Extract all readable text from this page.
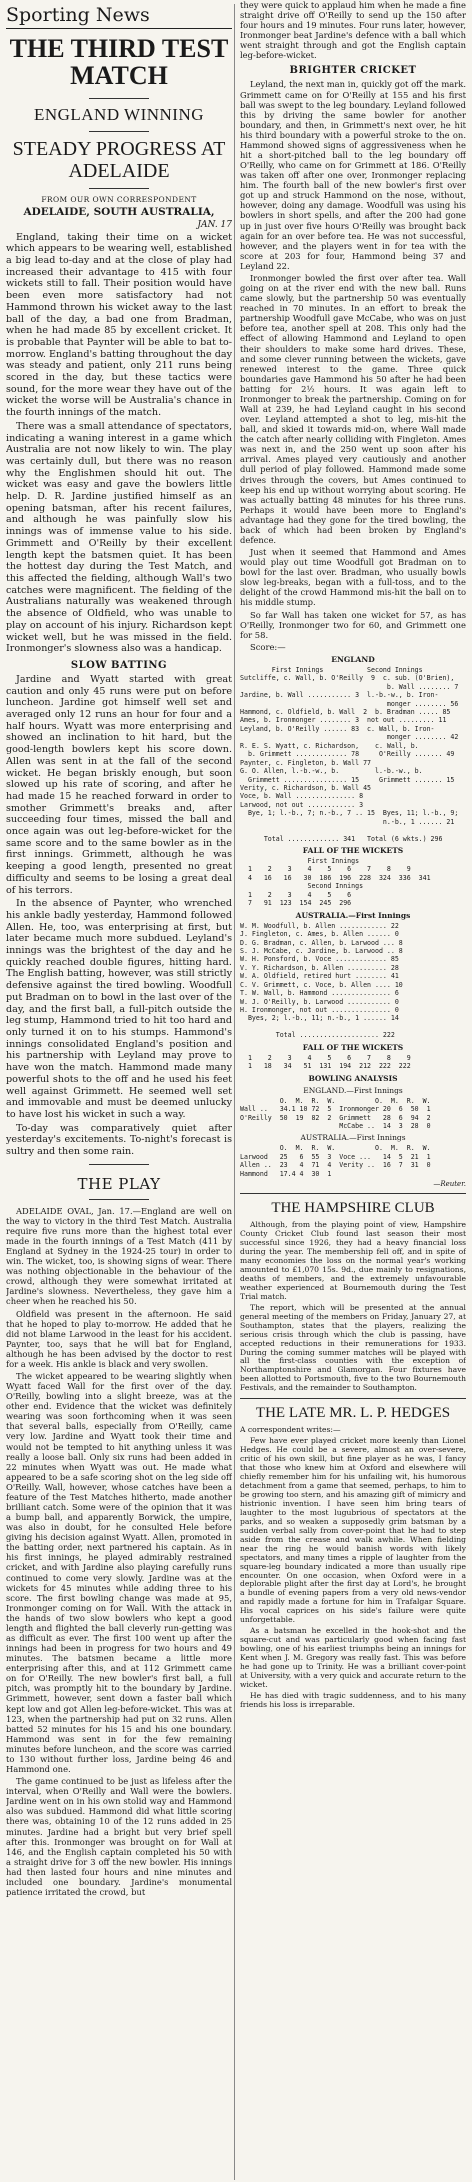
Sporting News
THE THIRD TEST MATCH
ENGLAND WINNING
STEADY PROGRESS AT ADELAIDE
FROM OUR OWN CORRESPONDENT
ADELAIDE, SOUTH AUSTRALIA,
JAN. 17
England, taking their time on a wicket which appears to be wearing well, established a big lead to-day and at the close of play had increased their advantage to 415 with four wickets still to fall. Their position would have been even more satisfactory had not Hammond thrown his wicket away to the last ball of the day, a bad one from Bradman, when he had made 85 by excellent cricket. It is probable that Paynter will be able to bat to-morrow. England's batting throughout the day was steady and patient, only 211 runs being scored in the day, but these tactics were sound, for the more wear they have out of the wicket the worse will be Australia's chance in the fourth innings of the match.
There was a small attendance of spectators, indicating a waning interest in a game which Australia are not now likely to win. The play was certainly dull, but there was no reason why the Englishmen should hit out. The wicket was easy and gave the bowlers little help. D. R. Jardine justified himself as an opening batsman, after his recent failures, and although he was painfully slow his innings was of immense value to his side. Grimmett and O'Reilly by their excellent length kept the batsmen quiet. It has been the hottest day during the Test Match, and this affected the fielding, although Wall's two catches were magnificent. The fielding of the Australians naturally was weakened through the absence of Oldfield, who was unable to play on account of his injury. Richardson kept wicket well, but he was missed in the field. Ironmonger's slowness also was a handicap.
SLOW BATTING
Jardine and Wyatt started with great caution and only 45 runs were put on before luncheon. Jardine got himself well set and averaged only 12 runs an hour for four and a half hours. Wyatt was more enterprising and showed an inclination to hit hard, but the good-length bowlers kept his score down. Allen was sent in at the fall of the second wicket. He began briskly enough, but soon slowed up his rate of scoring, and after he had made 15 he reached forward in order to smother Grimmett's breaks and, after succeeding four times, missed the ball and once again was out leg-before-wicket for the same score and to the same bowler as in the first innings. Grimmett, although he was keeping a good length, presented no great difficulty and seems to be losing a great deal of his terrors.
In the absence of Paynter, who wrenched his ankle badly yesterday, Hammond followed Allen. He, too, was enterprising at first, but later became much more subdued. Leyland's innings was the brightest of the day and he quickly reached double figures, hitting hard. The English batting, however, was still strictly defensive against the tired bowling. Woodfull put Bradman on to bowl in the last over of the day, and the first ball, a full-pitch outside the leg stump, Hammond tried to hit too hard and only turned it on to his stumps. Hammond's innings consolidated England's position and his partnership with Leyland may prove to have won the match. Hammond made many powerful shots to the off and he used his feet well against Grimmett. He seemed well set and immovable and must be deemed unlucky to have lost his wicket in such a way.
To-day was comparatively quiet after yesterday's excitements. To-night's forecast is sultry and then some rain.
THE PLAY
ADELAIDE OVAL, Jan. 17.—England are well on the way to victory in the third Test Match. Australia require five runs more than the highest total ever made in the fourth innings of a Test Match (411 by England at Sydney in the 1924-25 tour) in order to win. The wicket, too, is showing signs of wear. There was nothing objectionable in the behaviour of the crowd, although they were somewhat irritated at Jardine's slowness. Nevertheless, they gave him a cheer when he reached his 50.
Oldfield was present in the afternoon. He said that he hoped to play to-morrow. He added that he did not blame Larwood in the least for his accident. Paynter, too, says that he will bat for England, although he has been advised by the doctor to rest for a week. His ankle is black and very swollen.
The wicket appeared to be wearing slightly when Wyatt faced Wall for the first over of the day. O'Reilly, bowling into a slight breeze, was at the other end. Evidence that the wicket was definitely wearing was soon forthcoming when it was seen that several balls, especially from O'Reilly, came very low. Jardine and Wyatt took their time and would not be tempted to hit anything unless it was really a loose ball. Only six runs had been added in 22 minutes when Wyatt was out. He made what appeared to be a safe scoring shot on the leg side off O'Reilly. Wall, however, whose catches have been a feature of the Test Matches hitherto, made another brilliant catch. Some were of the opinion that it was a bump ball, and apparently Borwick, the umpire, was also in doubt, for he consulted Hele before giving his decision against Wyatt. Allen, promoted in the batting order, next partnered his captain. As in his first innings, he played admirably restrained cricket, and with Jardine also playing carefully runs continued to come very slowly. Jardine was at the wickets for 45 minutes while adding three to his score. The first bowling change was made at 95, Ironmonger coming on for Wall. With the attack in the hands of two slow bowlers who kept a good length and flighted the ball cleverly run-getting was as difficult as ever. The first 100 went up after the innings had been in progress for two hours and 49 minutes. The batsmen became a little more enterprising after this, and at 112 Grimmett came on for O'Reilly. The new bowler's first ball, a full pitch, was promptly hit to the boundary by Jardine. Grimmett, however, sent down a faster ball which kept low and got Allen leg-before-wicket. This was at 123, when the partnership had put on 32 runs. Allen batted 52 minutes for his 15 and his one boundary. Hammond was sent in for the few remaining minutes before luncheon, and the score was carried to 130 without further loss, Jardine being 46 and Hammond one.
The game continued to be just as lifeless after the interval, when O'Reilly and Wall were the bowlers. Jardine went on in his own stolid way and Hammond also was subdued. Hammond did what little scoring there was, obtaining 10 of the 12 runs added in 25 minutes. Jardine had a bright but very brief spell after this. Ironmonger was brought on for Wall at 146, and the English captain completed his 50 with a straight drive for 3 off the new bowler. His innings had then lasted four hours and nine minutes and included one boundary. Jardine's monumental patience irritated the crowd, but
they were quick to applaud him when he made a fine straight drive off O'Reilly to send up the 150 after four hours and 19 minutes. Four runs later, however, Ironmonger beat Jardine's defence with a ball which went straight through and got the English captain leg-before-wicket.
BRIGHTER CRICKET
Leyland, the next man in, quickly got off the mark. Grimmett came on for O'Reilly at 155 and his first ball was swept to the leg boundary. Leyland followed this by driving the same bowler for another boundary, and then, in Grimmett's next over, he hit his third boundary with a powerful stroke to the on. Hammond showed signs of aggressiveness when he hit a short-pitched ball to the leg boundary off O'Reilly, who came on for Grimmett at 186. O'Reilly was taken off after one over, Ironmonger replacing him. The fourth ball of the new bowler's first over got up and struck Hammond on the nose, without, however, doing any damage. Woodfull was using his bowlers in short spells, and after the 200 had gone up in just over five hours O'Reilly was brought back again for an over before tea. He was not successful, however, and the players went in for tea with the score at 203 for four, Hammond being 37 and Leyland 22.
Ironmonger bowled the first over after tea. Wall going on at the river end with the new ball. Runs came slowly, but the partnership 50 was eventually reached in 70 minutes. In an effort to break the partnership Woodfull gave McCabe, who was on just before tea, another spell at 208. This only had the effect of allowing Hammond and Leyland to open their shoulders to make some hard drives. These, and some clever running between the wickets, gave renewed interest to the game. Three quick boundaries gave Hammond his 50 after he had been batting for 2½ hours. It was again left to Ironmonger to break the partnership. Coming on for Wall at 239, he had Leyland caught in his second over. Leyland attempted a shot to leg, mis-hit the ball, and skied it towards mid-on, where Wall made the catch after nearly colliding with Fingleton. Ames was next in, and the 250 went up soon after his arrival. Ames played very cautiously and another dull period of play followed. Hammond made some drives through the covers, but Ames continued to keep his end up without worrying about scoring. He was actually batting 48 minutes for his three runs. Perhaps it would have been more to England's advantage had they gone for the tired bowling, the back of which had been broken by England's defence.
Just when it seemed that Hammond and Ames would play out time Woodfull got Bradman on to bowl for the last over. Bradman, who usually bowls slow leg-breaks, began with a full-toss, and to the delight of the crowd Hammond mis-hit the ball on to his middle stump.
So far Wall has taken one wicket for 57, as has O'Reilly, Ironmonger two for 60, and Grimmett one for 58.
Score:—
ENGLAND
First Innings           Second Innings
Sutcliffe, c. Wall, b. O'Reilly  9  c. sub. (O'Brien),
b. Wall ........ 7
Jardine, b. Wall ........... 3  l.-b.-w., b. Iron-
monger ........ 56
Hammond, c. Oldfield, b. Wall  2  b. Bradman ..... 85
Ames, b. Ironmonger ........ 3  not out ......... 11
Leyland, b. O'Reilly ...... 83  c. Wall, b. Iron-
monger ........ 42
R. E. S. Wyatt, c. Richardson,    c. Wall, b.
b. Grimmett ............. 78     O'Reilly ....... 49
Paynter, c. Fingleton, b. Wall 77
G. O. Allen, l.-b.-w., b.         l.-b.-w., b.
Grimmett ................ 15     Grimmett ....... 15
Verity, c. Richardson, b. Wall 45
Voce, b. Wall ............... 8
Larwood, not out ............ 3
Bye, 1; l.-b., 7; n.-b., 7 .. 15  Byes, 11; l.-b., 9;
n.-b., 1 ...... 21

Total ............. 341   Total (6 wkts.) 296
FALL OF THE WICKETS
First Innings
1    2    3    4    5    6    7    8    9
4   16   16   30  186  196  228  324  336  341
Second Innings
1    2    3    4    5    6
7   91  123  154  245  296
AUSTRALIA.—First Innings
W. M. Woodfull, b. Allen ............ 22
J. Fingleton, c. Ames, b. Allen ...... 0
D. G. Bradman, c. Allen, b. Larwood ... 8
S. J. McCabe, c. Jardine, b. Larwood .. 8
W. H. Ponsford, b. Voce ............. 85
V. Y. Richardson, b. Allen .......... 28
W. A. Oldfield, retired hurt ........ 41
C. V. Grimmett, c. Voce, b. Allen .... 10
T. W. Wall, b. Hammond ............... 6
W. J. O'Reilly, b. Larwood ........... 0
H. Ironmonger, not out ............... 0
Byes, 2; l.-b., 11; n.-b., 1 ...... 14

Total .................... 222
FALL OF THE WICKETS
1    2    3    4    5    6    7    8    9
1   18   34   51  131  194  212  222  222
BOWLING ANALYSIS
ENGLAND.—First Innings
O.  M.  R.  W.          O.  M.  R.  W.
Wall ..   34.1 10 72  5  Ironmonger 20  6  50  1
O'Reilly  50  19  82  2  Grimmett   28  6  94  2
McCabe ..  14  3  28  0
AUSTRALIA.—First Innings
O.  M.  R.  W.          O.  M.  R.  W.
Larwood   25   6  55  3  Voce ...   14  5  21  1
Allen ..  23   4  71  4  Verity ..  16  7  31  0
Hammond   17.4 4  30  1
—Reuter.
THE HAMPSHIRE CLUB
Although, from the playing point of view, Hampshire County Cricket Club found last season their most successful since 1926, they had a heavy financial loss during the year. The membership fell off, and in spite of many economies the loss on the normal year's working amounted to £1,070 15s. 9d., due mainly to resignations, deaths of members, and the extremely unfavourable weather experienced at Bournemouth during the Test Trial match.
The report, which will be presented at the annual general meeting of the members on Friday, January 27, at Southampton, states that the players, realizing the serious crisis through which the club is passing, have accepted reductions in their remunerations for 1933. During the coming summer matches will be played with all the first-class counties with the exception of Northamptonshire and Glamorgan. Four fixtures have been allotted to Portsmouth, five to the two Bournemouth Festivals, and the remainder to Southampton.
THE LATE MR. L. P. HEDGES
A correspondent writes:—
Few have ever played cricket more keenly than Lionel Hedges. He could be a severe, almost an over-severe, critic of his own skill, but fine player as he was, I fancy that those who knew him at Oxford and elsewhere will chiefly remember him for his unfailing wit, his humorous detachment from a game that seemed, perhaps, to him to be growing too stern, and his amazing gift of mimicry and histrionic invention. I have seen him bring tears of laughter to the most lugubrious of spectators at the parks, and so weaken a supposedly grim batsman by a sudden verbal sally from cover-point that he had to step aside from the crease and walk awhile. When fielding near the ring he would banish words with likely spectators, and many times a ripple of laughter from the square-leg boundary indicated a more than usually ripe encounter. On one occasion, when Oxford were in a deplorable plight after the first day at Lord's, he brought a bundle of evening papers from a very old news-vendor and rapidly made a fortune for him in Trafalgar Square. His vocal caprices on his side's failure were quite unforgettable.
As a batsman he excelled in the hook-shot and the square-cut and was particularly good when facing fast bowling, one of his earliest triumphs being an innings for Kent when J. M. Gregory was really fast. This was before he had gone up to Trinity. He was a brilliant cover-point at University, with a very quick and accurate return to the wicket.
He has died with tragic suddenness, and to his many friends his loss is irreparable.
